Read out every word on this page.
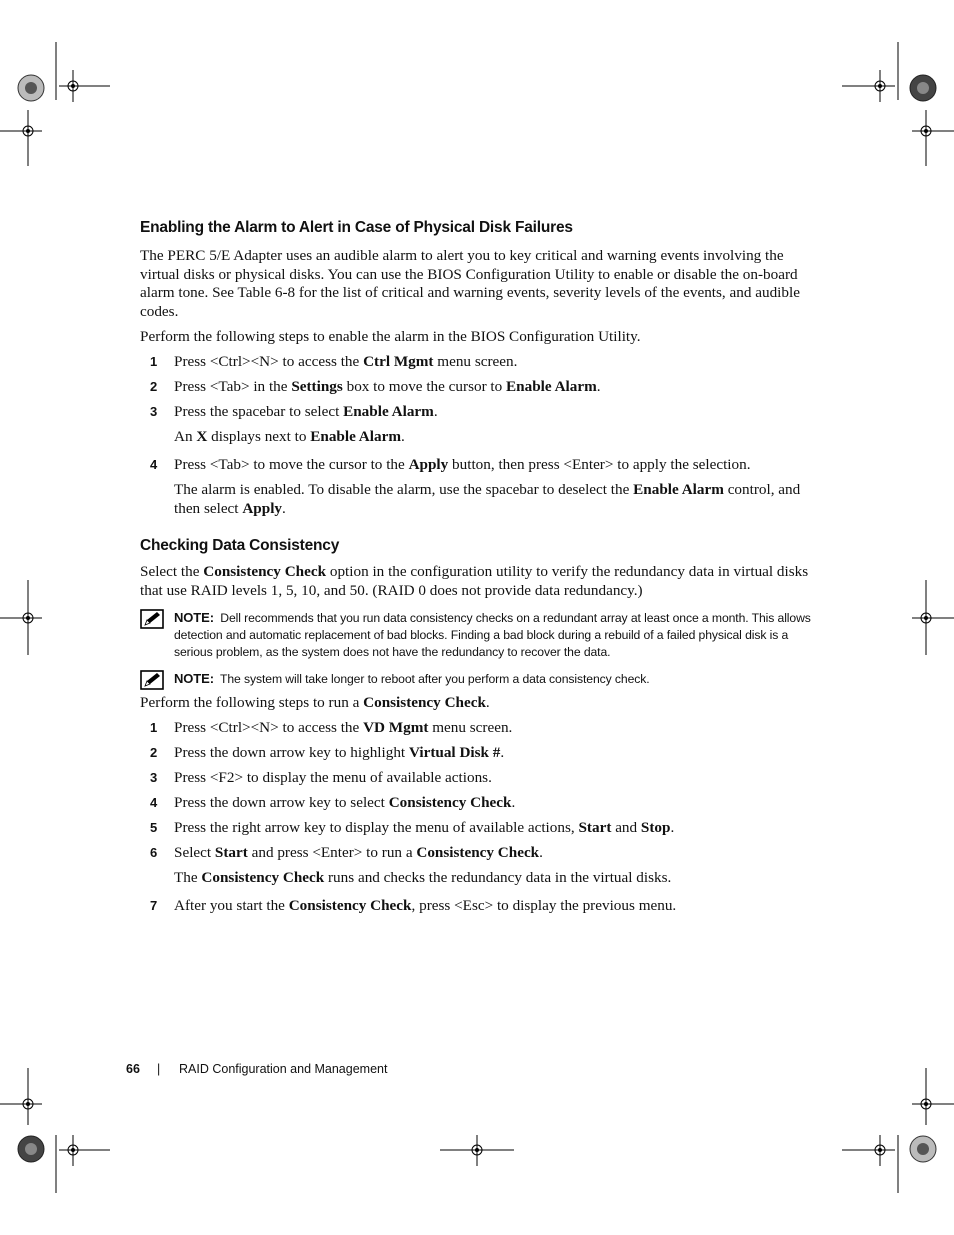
Enabling the Alarm to Alert in Case of Physical Disk Failures

The PERC 5/E Adapter uses an audible alarm to alert you to key critical and warning events involving the virtual disks or physical disks. You can use the BIOS Configuration Utility to enable or disable the on-board alarm tone. See Table 6-8 for the list of critical and warning events, severity levels of the events, and audible codes.

Perform the following steps to enable the alarm in the BIOS Configuration Utility.

1 Press <Ctrl><N> to access the Ctrl Mgmt menu screen.
2 Press <Tab> in the Settings box to move the cursor to Enable Alarm.
3 Press the spacebar to select Enable Alarm.
An X displays next to Enable Alarm.
4 Press <Tab> to move the cursor to the Apply button, then press <Enter> to apply the selection.
The alarm is enabled. To disable the alarm, use the spacebar to deselect the Enable Alarm control, and then select Apply.
Checking Data Consistency

Select the Consistency Check option in the configuration utility to verify the redundancy data in virtual disks that use RAID levels 1, 5, 10, and 50. (RAID 0 does not provide data redundancy.)

NOTE: Dell recommends that you run data consistency checks on a redundant array at least once a month. This allows detection and automatic replacement of bad blocks. Finding a bad block during a rebuild of a failed physical disk is a serious problem, as the system does not have the redundancy to recover the data.
NOTE: The system will take longer to reboot after you perform a data consistency check.

Perform the following steps to run a Consistency Check.

1 Press <Ctrl><N> to access the VD Mgmt menu screen.
2 Press the down arrow key to highlight Virtual Disk #.
3 Press <F2> to display the menu of available actions.
4 Press the down arrow key to select Consistency Check.
5 Press the right arrow key to display the menu of available actions, Start and Stop.
6 Select Start and press <Enter> to run a Consistency Check.
The Consistency Check runs and checks the redundancy data in the virtual disks.
7 After you start the Consistency Check, press <Esc> to display the previous menu.
66 | RAID Configuration and Management
